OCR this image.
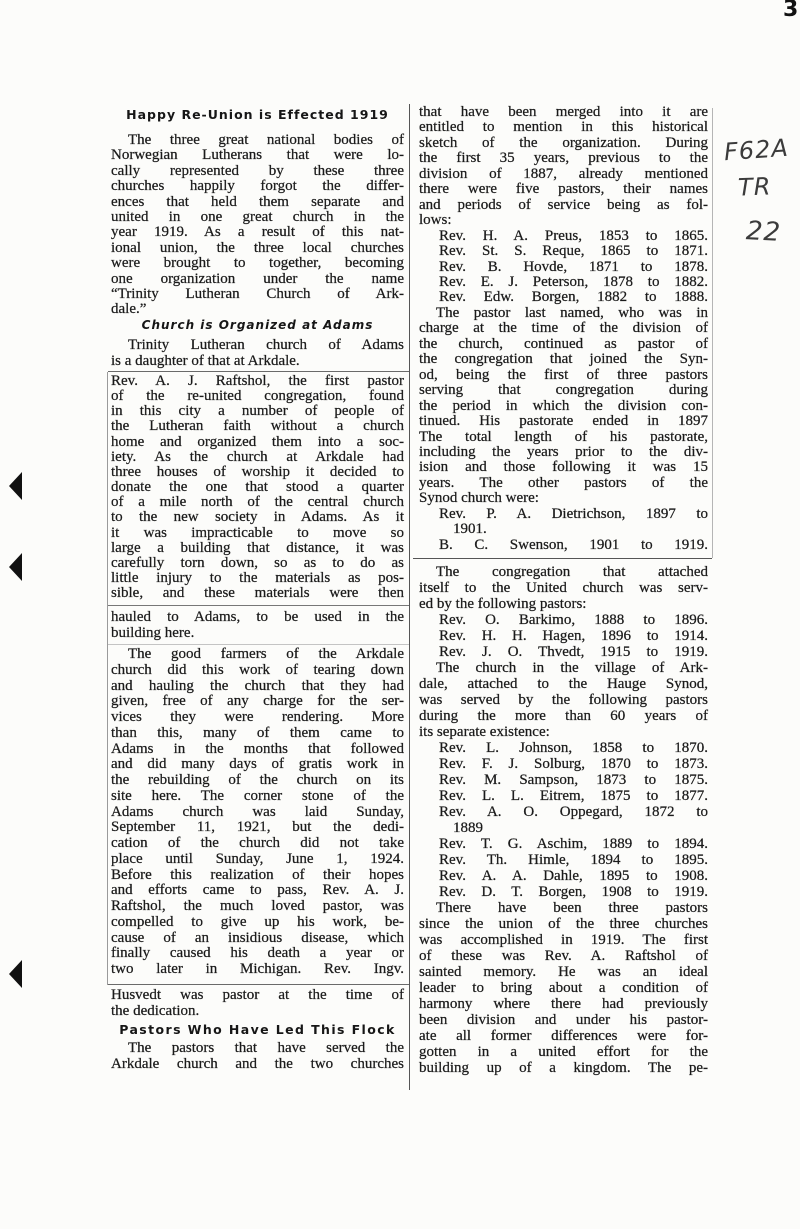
3
F62A
TR
22
Happy Re-Union is Effected 1919
The three great national bodies of
Norwegian Lutherans that were lo-
cally represented by these three
churches happily forgot the differ-
ences that held them separate and
united in one great church in the
year 1919. As a result of this nat-
ional union, the three local churches
were brought to together, becoming
one organization under the name
“Trinity Lutheran Church of Ark-
dale.”
Church is Organized at Adams
Trinity Lutheran church of Adams
is a daughter of that at Arkdale.
Rev. A. J. Raftshol, the first pastor
of the re-united congregation, found
in this city a number of people of
the Lutheran faith without a church
home and organized them into a soc-
iety. As the church at Arkdale had
three houses of worship it decided to
donate the one that stood a quarter
of a mile north of the central church
to the new society in Adams. As it
it was impracticable to move so
large a building that distance, it was
carefully torn down, so as to do as
little injury to the materials as pos-
sible, and these materials were then
hauled to Adams, to be used in the
building here.
The good farmers of the Arkdale
church did this work of tearing down
and hauling the church that they had
given, free of any charge for the ser-
vices they were rendering. More
than this, many of them came to
Adams in the months that followed
and did many days of gratis work in
the rebuilding of the church on its
site here. The corner stone of the
Adams church was laid Sunday,
September 11, 1921, but the dedi-
cation of the church did not take
place until Sunday, June 1, 1924.
Before this realization of their hopes
and efforts came to pass, Rev. A. J.
Raftshol, the much loved pastor, was
compelled to give up his work, be-
cause of an insidious disease, which
finally caused his death a year or
two later in Michigan. Rev. Ingv.
Husvedt was pastor at the time of
the dedication.
Pastors Who Have Led This Flock
The pastors that have served the
Arkdale church and the two churches
that have been merged into it are
entitled to mention in this historical
sketch of the organization. During
the first 35 years, previous to the
division of 1887, already mentioned
there were five pastors, their names
and periods of service being as fol-
lows:
Rev. H. A. Preus, 1853 to 1865.
Rev. St. S. Reque, 1865 to 1871.
Rev. B. Hovde, 1871 to 1878.
Rev. E. J. Peterson, 1878 to 1882.
Rev. Edw. Borgen, 1882 to 1888.
The pastor last named, who was in
charge at the time of the division of
the church, continued as pastor of
the congregation that joined the Syn-
od, being the first of three pastors
serving that congregation during
the period in which the division con-
tinued. His pastorate ended in 1897
The total length of his pastorate,
including the years prior to the div-
ision and those following it was 15
years. The other pastors of the
Synod church were:
Rev. P. A. Dietrichson, 1897 to
1901.
B. C. Swenson, 1901 to 1919.
The congregation that attached
itself to the United church was serv-
ed by the following pastors:
Rev. O. Barkimo, 1888 to 1896.
Rev. H. H. Hagen, 1896 to 1914.
Rev. J. O. Thvedt, 1915 to 1919.
The church in the village of Ark-
dale, attached to the Hauge Synod,
was served by the following pastors
during the more than 60 years of
its separate existence:
Rev. L. Johnson, 1858 to 1870.
Rev. F. J. Solburg, 1870 to 1873.
Rev. M. Sampson, 1873 to 1875.
Rev. L. L. Eitrem, 1875 to 1877.
Rev. A. O. Oppegard, 1872 to
1889
Rev. T. G. Aschim, 1889 to 1894.
Rev. Th. Himle, 1894 to 1895.
Rev. A. A. Dahle, 1895 to 1908.
Rev. D. T. Borgen, 1908 to 1919.
There have been three pastors
since the union of the three churches
was accomplished in 1919. The first
of these was Rev. A. Raftshol of
sainted memory. He was an ideal
leader to bring about a condition of
harmony where there had previously
been division and under his pastor-
ate all former differences were for-
gotten in a united effort for the
building up of a kingdom. The pe-
